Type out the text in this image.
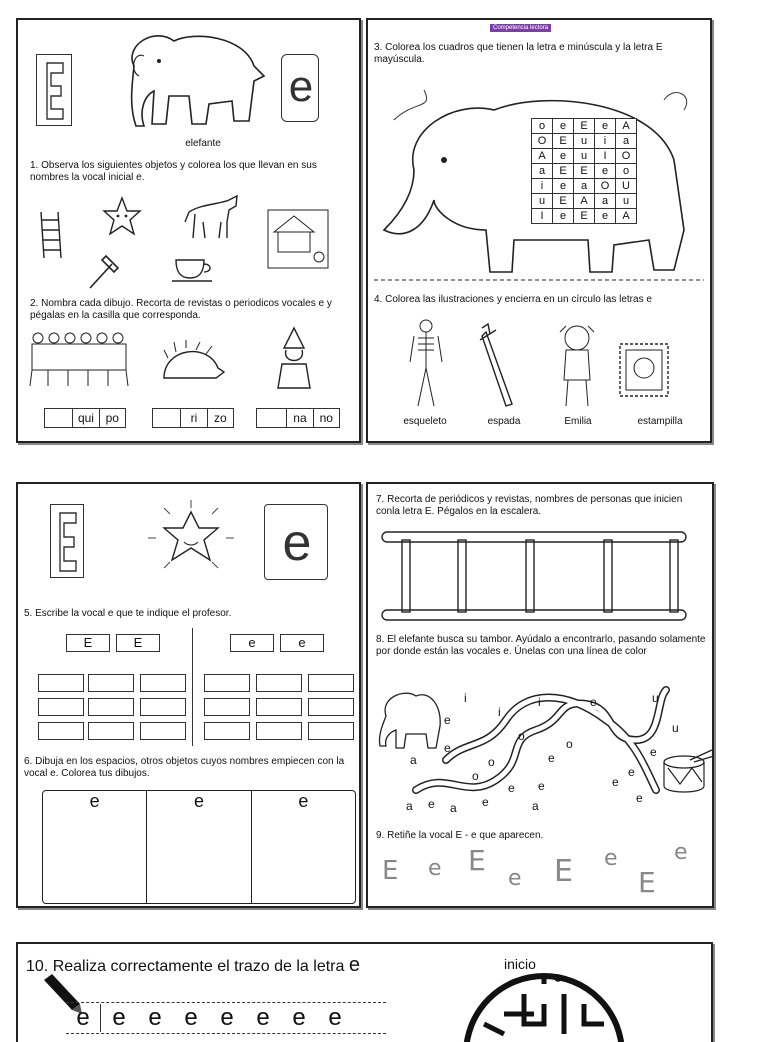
elefante
e
1. Observa los siguientes objetos y colorea los que llevan en sus nombres la vocal inicial e.
2. Nombra cada dibujo. Recorta de revistas o periodicos vocales e y pégalas en la casilla que corresponda.
qui po	ri	zo	na	no
Competencia lectora
3. Colorea los cuadros que tienen la letra e minúscula y la letra E mayúscula.
o	e	E	e	A
O	E	u	i	a
A	e	u	I	O
a	E	E	e	o
i	e	a	O	U
u	E	A	a	u
I	e	E	e	A
4. Colorea las ilustraciones y encierra en un círculo las letras e
esqueleto	espada	Emilia	estampilla
e
5. Escribe la vocal e que te indique el profesor.
E	E	e	e
6. Dibuja en los espacios, otros objetos cuyos nombres empiecen con la vocal e. Colorea tus dibujos.
e	e	e
7. Recorta de periódicos y revistas, nombres de personas que inicien conla letra E. Pégalos en la escalera.
8. El elefante busca su tambor. Ayúdalo a encontrarlo, pasando solamente por donde están las vocales e. Únelas con una línea de color
i
i
e
i	e	u
e
o
u
e
o
o
e
o
a
e
e	e
e
e
a	a	a
e
e
9. Retiñe la vocal E - e que aparecen.
E e E
e E e
E
e
10. Realiza correctamente el trazo de la letra e
e e e e e e e e
inicio
